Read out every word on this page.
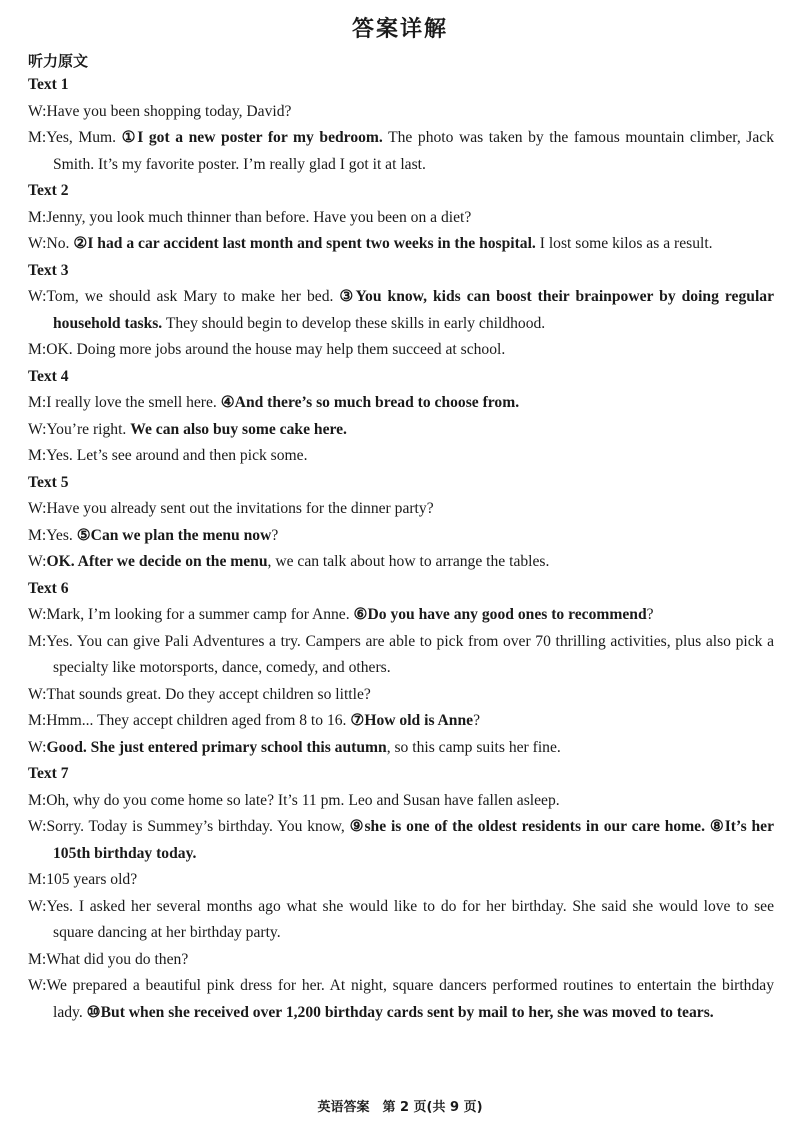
答案详解
听力原文

Text 1

W:Have you been shopping today, David?

M:Yes, Mum. ①I got a new poster for my bedroom. The photo was taken by the famous mountain climber, Jack Smith. It’s my favorite poster. I’m really glad I got it at last.

Text 2

M:Jenny, you look much thinner than before. Have you been on a diet?

W:No. ②I had a car accident last month and spent two weeks in the hospital. I lost some kilos as a result.

Text 3

W:Tom, we should ask Mary to make her bed. ③You know, kids can boost their brainpower by doing regular household tasks. They should begin to develop these skills in early childhood.

M:OK. Doing more jobs around the house may help them succeed at school.

Text 4

M:I really love the smell here. ④And there’s so much bread to choose from.

W:You’re right. We can also buy some cake here.

M:Yes. Let’s see around and then pick some.

Text 5

W:Have you already sent out the invitations for the dinner party?

M:Yes. ⑤Can we plan the menu now?

W:OK. After we decide on the menu, we can talk about how to arrange the tables.

Text 6

W:Mark, I’m looking for a summer camp for Anne. ⑥Do you have any good ones to recommend?

M:Yes. You can give Pali Adventures a try. Campers are able to pick from over 70 thrilling activities, plus also pick a specialty like motorsports, dance, comedy, and others.

W:That sounds great. Do they accept children so little?

M:Hmm... They accept children aged from 8 to 16. ⑦How old is Anne?

W:Good. She just entered primary school this autumn, so this camp suits her fine.

Text 7

M:Oh, why do you come home so late? It’s 11 pm. Leo and Susan have fallen asleep.

W:Sorry. Today is Summey’s birthday. You know, ⑨she is one of the oldest residents in our care home. ⑧It’s her 105th birthday today.

M:105 years old?

W:Yes. I asked her several months ago what she would like to do for her birthday. She said she would love to see square dancing at her birthday party.

M:What did you do then?

W:We prepared a beautiful pink dress for her. At night, square dancers performed routines to entertain the birthday lady. ⑩But when she received over 1,200 birthday cards sent by mail to her, she was moved to tears.

英语答案　第 2 页(共 9 页)
